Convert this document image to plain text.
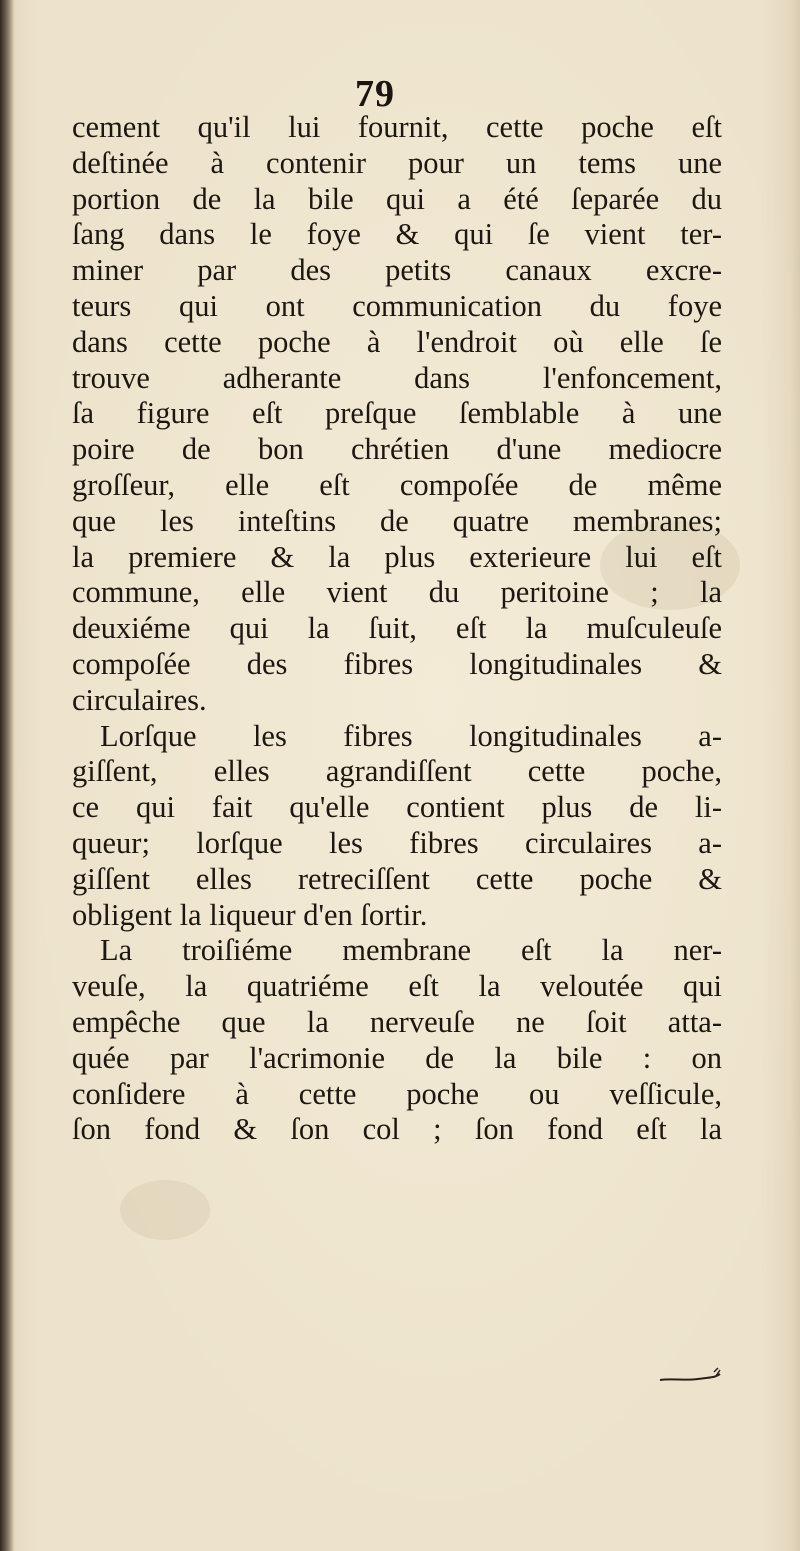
79
cement qu'il lui fournit, cette poche eſt
deſtinée à contenir pour un tems une
portion de la bile qui a été ſeparée du
ſang dans le foye & qui ſe vient ter-
miner par des petits canaux excre-
teurs qui ont communication du foye
dans cette poche à l'endroit où elle ſe
trouve adherante dans l'enfoncement,
ſa figure eſt preſque ſemblable à une
poire de bon chrétien d'une mediocre
groſſeur, elle eſt compoſée de même
que les inteſtins de quatre membranes;
la premiere & la plus exterieure lui eſt
commune, elle vient du peritoine ; la
deuxiéme qui la ſuit, eſt la muſculeuſe
compoſée des fibres longitudinales &
circulaires.
Lorſque les fibres longitudinales a-
giſſent, elles agrandiſſent cette poche,
ce qui fait qu'elle contient plus de li-
queur; lorſque les fibres circulaires a-
giſſent elles retreciſſent cette poche &
obligent la liqueur d'en ſortir.
La troiſiéme membrane eſt la ner-
veuſe, la quatriéme eſt la veloutée qui
empêche que la nerveuſe ne ſoit atta-
quée par l'acrimonie de la bile : on
conſidere à cette poche ou veſſicule,
ſon fond & ſon col ; ſon fond eſt la
